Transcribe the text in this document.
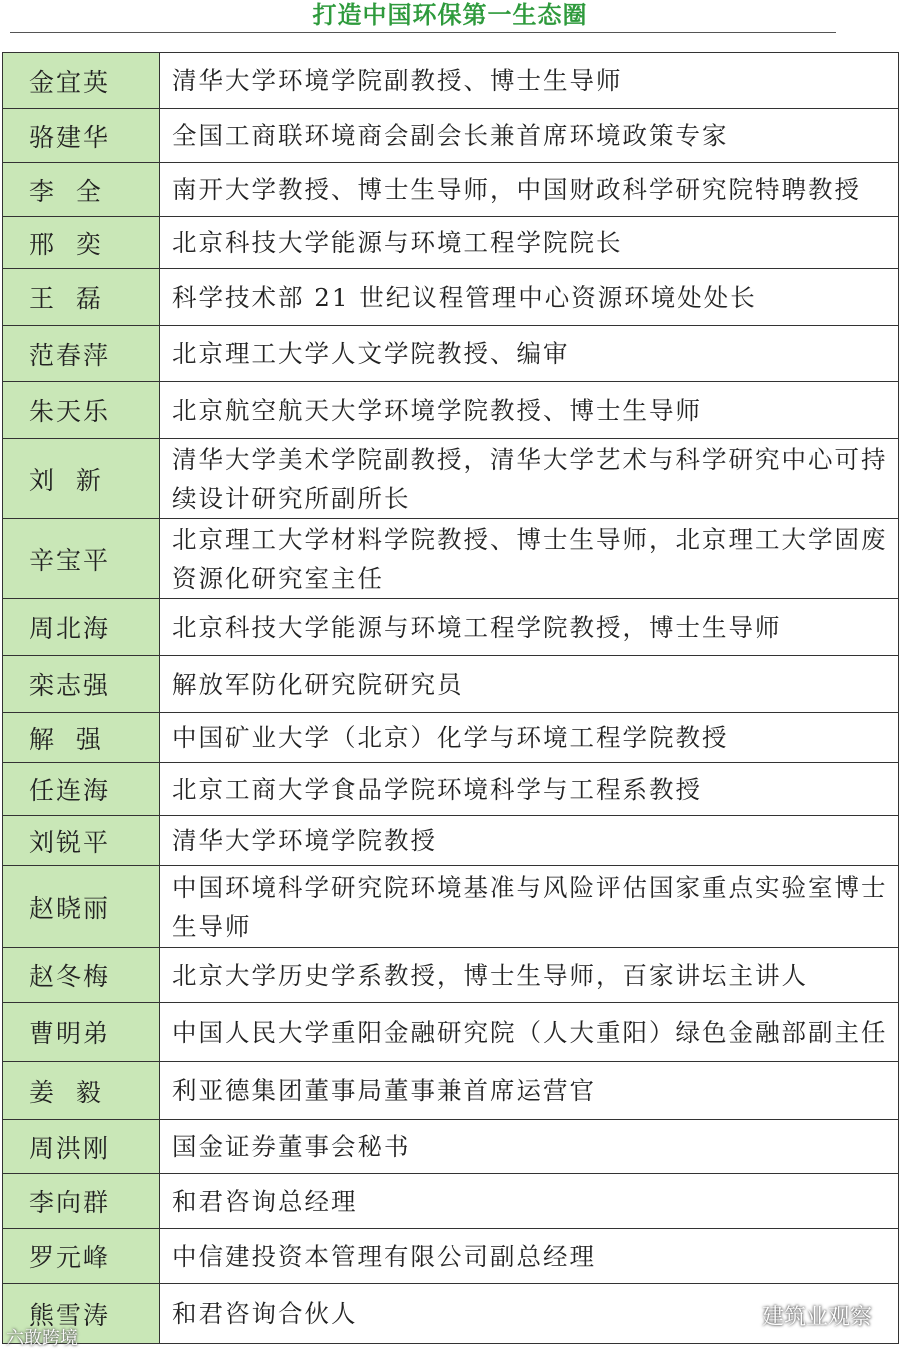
打造中国环保第一生态圈
金宜英	清华大学环境学院副教授、博士生导师
骆建华	全国工商联环境商会副会长兼首席环境政策专家
李  全	南开大学教授、博士生导师，中国财政科学研究院特聘教授
邢  奕	北京科技大学能源与环境工程学院院长
王  磊	科学技术部 21 世纪议程管理中心资源环境处处长
范春萍	北京理工大学人文学院教授、编审
朱天乐	北京航空航天大学环境学院教授、博士生导师
刘  新	清华大学美术学院副教授，清华大学艺术与科学研究中心可持续设计研究所副所长
辛宝平	北京理工大学材料学院教授、博士生导师，北京理工大学固废资源化研究室主任
周北海	北京科技大学能源与环境工程学院教授，博士生导师
栾志强	解放军防化研究院研究员
解  强	中国矿业大学（北京）化学与环境工程学院教授
任连海	北京工商大学食品学院环境科学与工程系教授
刘锐平	清华大学环境学院教授
赵晓丽	中国环境科学研究院环境基准与风险评估国家重点实验室博士生导师
赵冬梅	北京大学历史学系教授，博士生导师，百家讲坛主讲人
曹明弟	中国人民大学重阳金融研究院（人大重阳）绿色金融部副主任
姜  毅	利亚德集团董事局董事兼首席运营官
周洪刚	国金证券董事会秘书
李向群	和君咨询总经理
罗元峰	中信建投资本管理有限公司副总经理
熊雪涛	和君咨询合伙人	建筑业观察
六敢跨境
